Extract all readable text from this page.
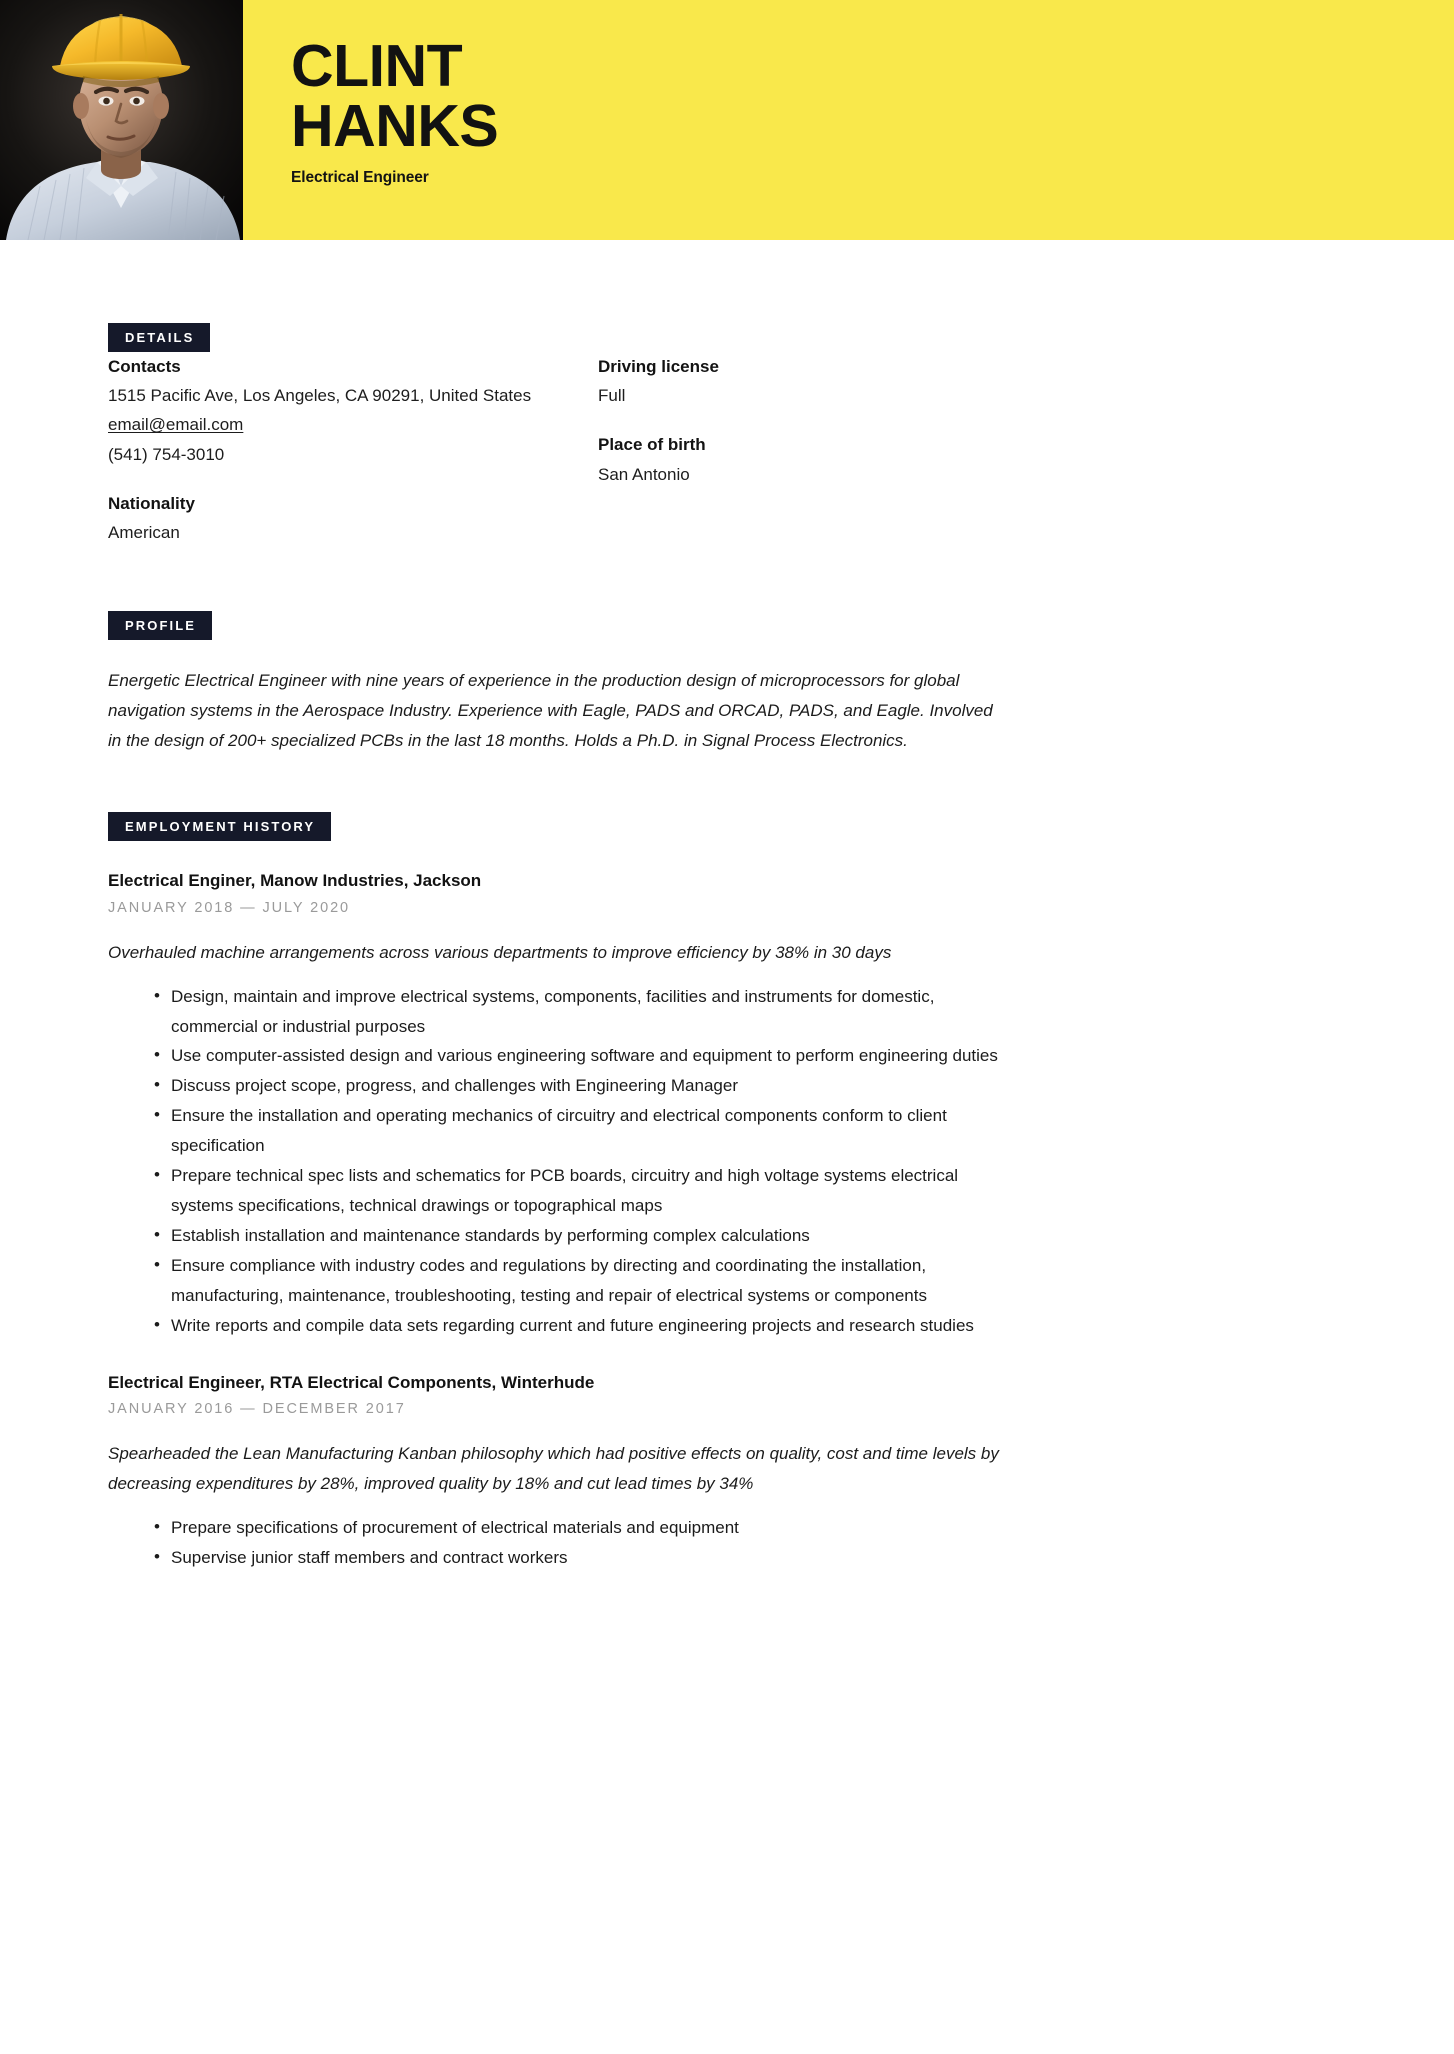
CLINT
HANKS
Electrical Engineer
DETAILS
Contacts
1515 Pacific Ave, Los Angeles, CA 90291, United States
email@email.com
(541) 754-3010
Nationality
American
Driving license
Full
Place of birth
San Antonio
PROFILE
Energetic Electrical Engineer with nine years of experience in the production design of microprocessors for global navigation systems in the Aerospace Industry. Experience with Eagle, PADS and ORCAD, PADS, and Eagle. Involved in the design of 200+ specialized PCBs in the last 18 months. Holds a Ph.D. in Signal Process Electronics.
EMPLOYMENT HISTORY
Electrical Enginer, Manow Industries, Jackson
JANUARY 2018 — JULY 2020
Overhauled machine arrangements across various departments to improve efficiency by 38% in 30 days
• Design, maintain and improve electrical systems, components, facilities and instruments for domestic, commercial or industrial purposes
• Use computer-assisted design and various engineering software and equipment to perform engineering duties
• Discuss project scope, progress, and challenges with Engineering Manager
• Ensure the installation and operating mechanics of circuitry and electrical components conform to client specification
• Prepare technical spec lists and schematics for PCB boards, circuitry and high voltage systems electrical systems specifications, technical drawings or topographical maps
• Establish installation and maintenance standards by performing complex calculations
• Ensure compliance with industry codes and regulations by directing and coordinating the installation, manufacturing, maintenance, troubleshooting, testing and repair of electrical systems or components
• Write reports and compile data sets regarding current and future engineering projects and research studies
Electrical Engineer, RTA Electrical Components, Winterhude
JANUARY 2016 — DECEMBER 2017
Spearheaded the Lean Manufacturing Kanban philosophy which had positive effects on quality, cost and time levels by decreasing expenditures by 28%, improved quality by 18% and cut lead times by 34%
• Prepare specifications of procurement of electrical materials and equipment
• Supervise junior staff members and contract workers
